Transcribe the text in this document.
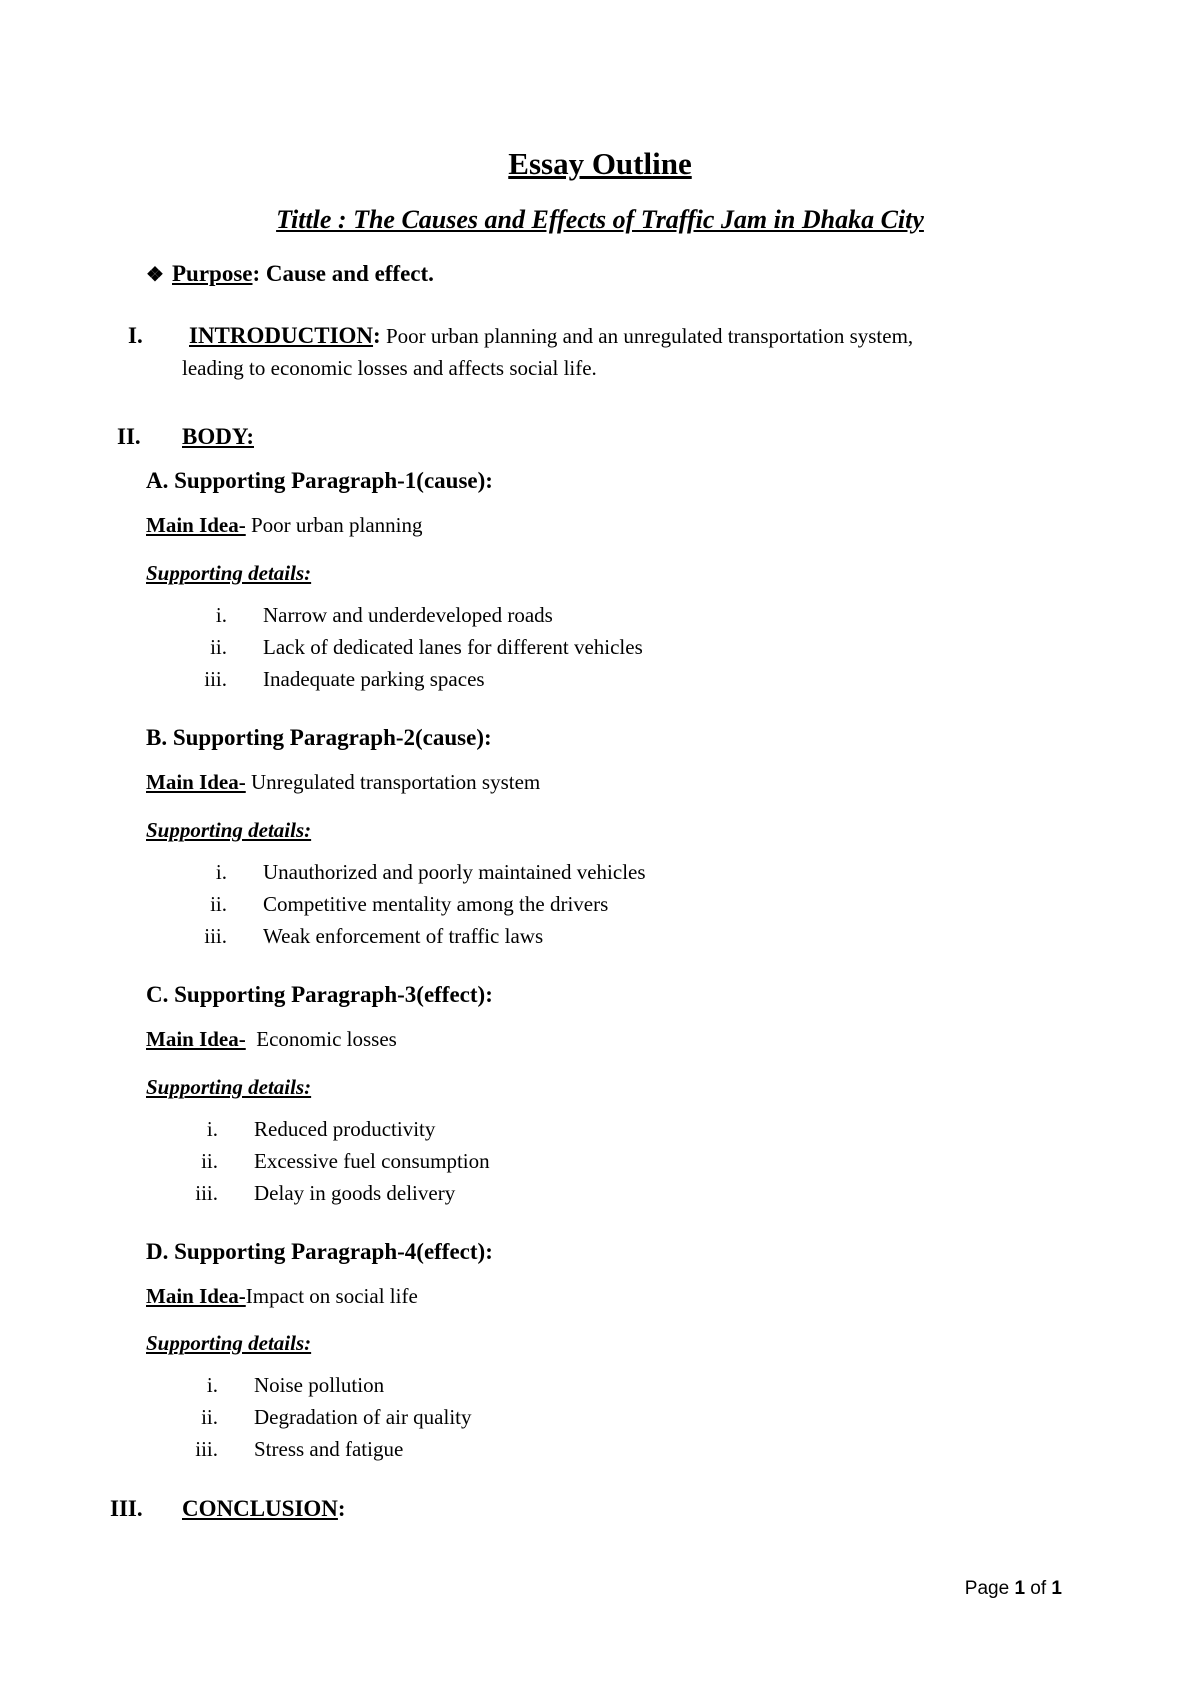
Essay Outline
Tittle : The Causes and Effects of Traffic Jam in Dhaka City
❖ Purpose: Cause and effect.
I. INTRODUCTION: Poor urban planning and an unregulated transportation system,
leading to economic losses and affects social life.
II. BODY:
A. Supporting Paragraph-1(cause):
Main Idea- Poor urban planning
Supporting details:
i. Narrow and underdeveloped roads
ii. Lack of dedicated lanes for different vehicles
iii. Inadequate parking spaces
B. Supporting Paragraph-2(cause):
Main Idea- Unregulated transportation system
Supporting details:
i. Unauthorized and poorly maintained vehicles
ii. Competitive mentality among the drivers
iii. Weak enforcement of traffic laws
C. Supporting Paragraph-3(effect):
Main Idea-  Economic losses
Supporting details:
i. Reduced productivity
ii. Excessive fuel consumption
iii. Delay in goods delivery
D. Supporting Paragraph-4(effect):
Main Idea-Impact on social life
Supporting details:
i. Noise pollution
ii. Degradation of air quality
iii. Stress and fatigue
III. CONCLUSION:
Page 1 of 1
